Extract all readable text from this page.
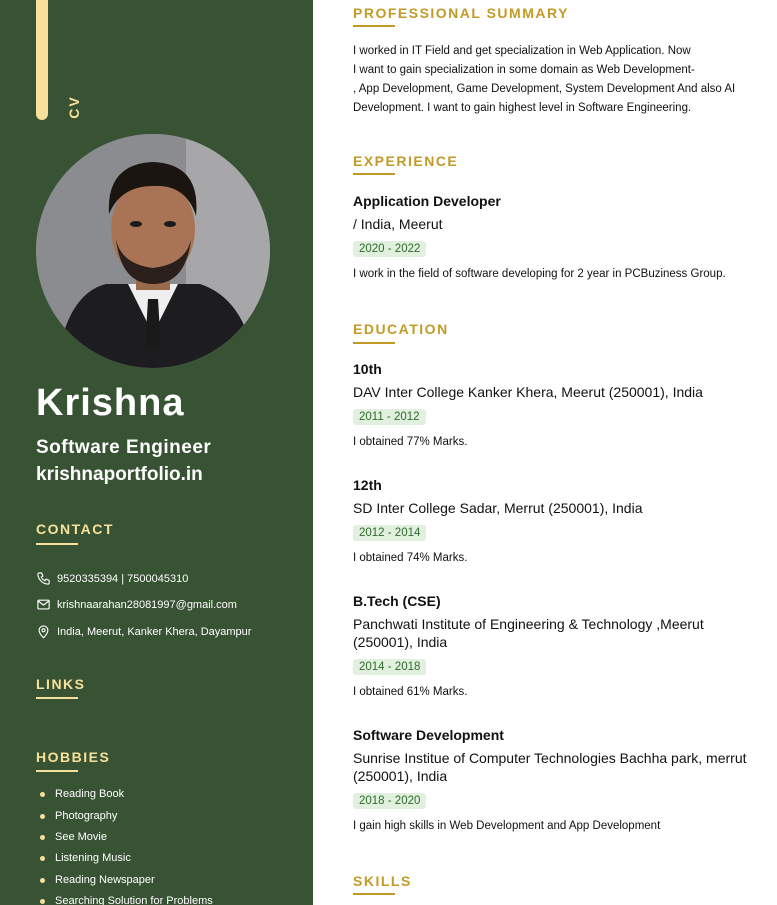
CV
Krishna
Software Engineer
krishnaportfolio.in
CONTACT
9520335394 | 7500045310
krishnaarahan28081997@gmail.com
India, Meerut, Kanker Khera, Dayampur
LINKS
HOBBIES
Reading Book
Photography
See Movie
Listening Music
Reading Newspaper
Searching Solution for Problems
PROFESSIONAL SUMMARY
I worked in IT Field and get specialization in Web Application. Now
I want to gain specialization in some domain as Web Development-
, App Development, Game Development, System Development And also AI
Development. I want to gain highest level in Software Engineering.
EXPERIENCE
Application Developer
/ India, Meerut
2020 - 2022
I work in the field of software developing for 2 year in PCBuziness Group.
EDUCATION
10th
DAV Inter College Kanker Khera, Meerut (250001), India
2011 - 2012
I obtained 77% Marks.
12th
SD Inter College Sadar, Merrut (250001), India
2012 - 2014
I obtained 74% Marks.
B.Tech (CSE)
Panchwati Institute of Engineering & Technology ,Meerut (250001), India
2014 - 2018
I obtained 61% Marks.
Software Development
Sunrise Institue of Computer Technologies Bachha park, merrut (250001), India
2018 - 2020
I gain high skills in Web Development and App Development
SKILLS
